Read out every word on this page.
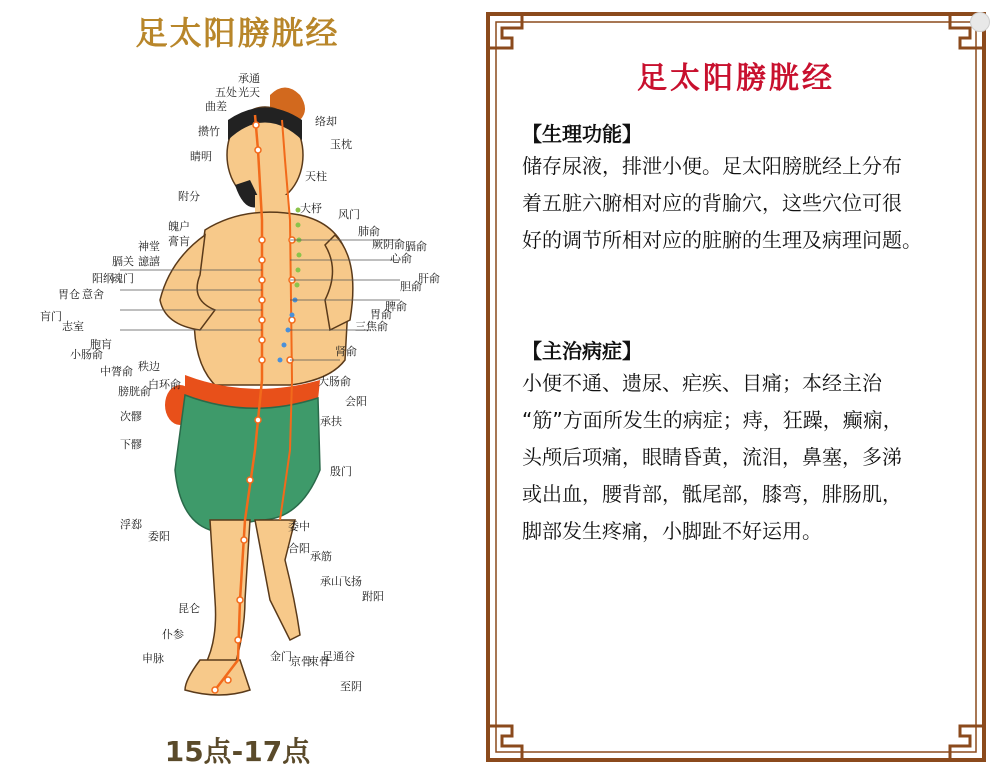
足太阳膀胱经
承通
光天
五处
曲差
攒竹
睛明
络却
玉枕
天柱
附分
魄户
膏肓
神堂
譩譆
膈关
魂门
阳纲
意舍
胃仓
肓门
志室
胞肓
秩边
中膂俞
白环俞
膀胱俞
小肠俞
次髎
下髎
浮郄
委阳
昆仑
仆参
申脉
大杼 风门
肺俞
厥阴俞
心俞
膈俞
肝俞
胆俞
脾俞
胃俞
三焦俞
肾俞
大肠俞
会阳
承扶
殷门
委中
合阳
承筋
承山
飞扬
跗阳
金门
京骨
束骨
足通谷
至阴
15点-17点
足太阳膀胱经
【生理功能】
储存尿液，排泄小便。足太阳膀胱经上分布
着五脏六腑相对应的背腧穴，这些穴位可很
好的调节所相对应的脏腑的生理及病理问题。
【主治病症】
小便不通、遗尿、疟疾、目痛；本经主治
“筋”方面所发生的病症；痔，狂躁，癫痫，
头颅后项痛，眼睛昏黄，流泪，鼻塞，多涕
或出血，腰背部，骶尾部，膝弯，腓肠肌，
脚部发生疼痛，小脚趾不好运用。
